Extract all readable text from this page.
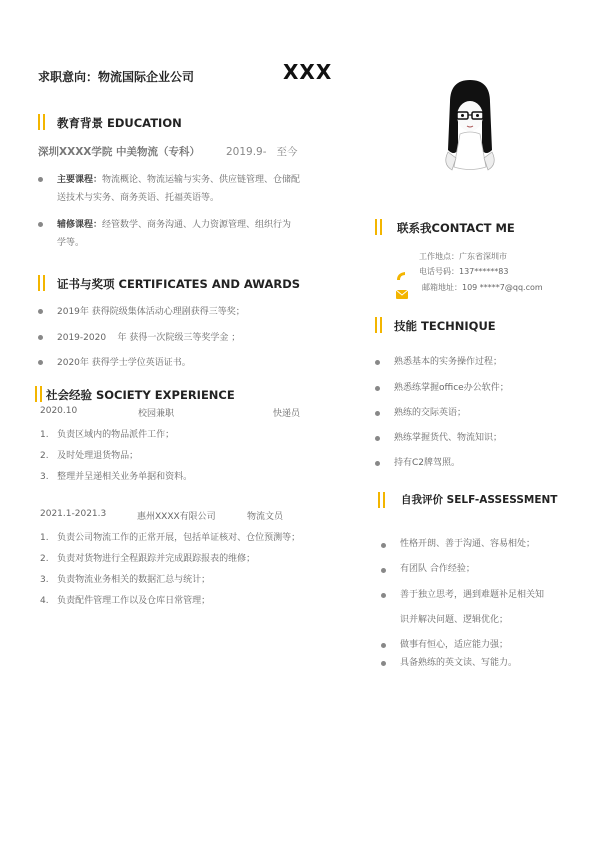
求职意向：物流国际企业公司	XXX
教育背景 EDUCATION
深圳XXXX学院 中美物流（专科） 2019.9-   至今
主要课程：物流概论、物流运输与实务、供应链管理、仓储配
送技术与实务、商务英语、托福英语等。
辅修课程：经管数学、商务沟通、人力资源管理、组织行为
学等。
证书与奖项 CERTIFICATES AND AWARDS
2019年 获得院级集体活动心理剧获得三等奖；
2019-2020    年 获得一次院级三等奖学金 ；
2020年 获得学士学位英语证书。
社会经验 SOCIETY EXPERIENCE
2020.10	校园兼职	快递员
1.   负责区域内的物品派件工作；
2.   及时处理退货物品；
3.   整理并呈递相关业务单据和资料。
2021.1-2021.3	惠州XXXX有限公司	物流文员
1.   负责公司物流工作的正常开展，包括单证核对、仓位预测等；
2.   负责对货物进行全程跟踪并完成跟踪报表的维修；
3.   负责物流业务相关的数据汇总与统计；
4.   负责配件管理工作以及仓库日常管理；
联系我CONTACT ME
工作地点：广东省深圳市
电话号码：137******83
邮箱地址：109 *****7@qq.com
技能 TECHNIQUE
熟悉基本的实务操作过程；
熟悉练掌握office办公软件；
熟练的交际英语；
熟练掌握货代、物流知识；
持有C2牌驾照。
自我评价 SELF-ASSESSMENT
性格开朗、善于沟通、容易相处；
有团队 合作经验；
善于独立思考，遇到难题补足相关知
识并解决问题、逻辑优化；
做事有恒心，适应能力强；
具备熟练的英文读、写能力。
